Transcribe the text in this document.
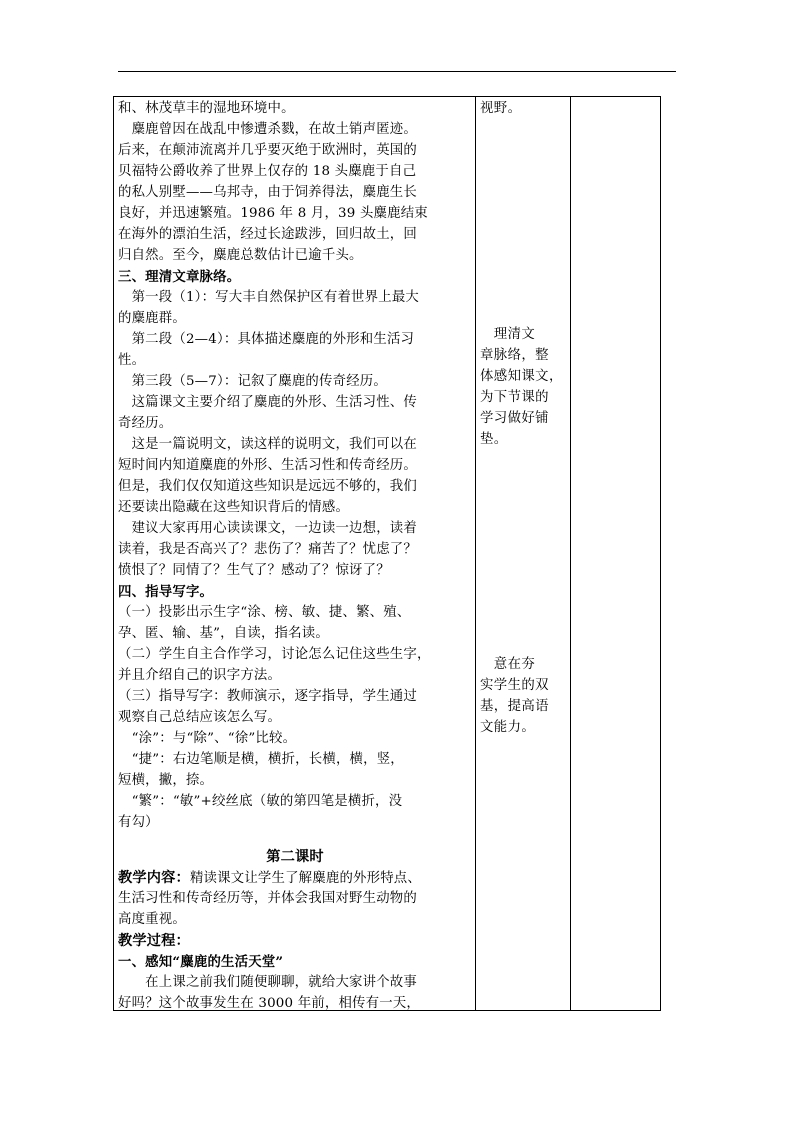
和、林茂草丰的湿地环境中。
　麋鹿曾因在战乱中惨遭杀戮，在故土销声匿迹。
后来，在颠沛流离并几乎要灭绝于欧洲时，英国的
贝福特公爵收养了世界上仅存的 18 头麋鹿于自己
的私人别墅——乌邦寺，由于饲养得法，麋鹿生长
良好，并迅速繁殖。1986 年 8 月，39 头麋鹿结束
在海外的漂泊生活，经过长途跋涉，回归故土，回
归自然。至今，麋鹿总数估计已逾千头。
三、理清文章脉络。
　第一段（1）：写大丰自然保护区有着世界上最大
的麋鹿群。
　第二段（2—4）：具体描述麋鹿的外形和生活习
性。
　第三段（5—7）：记叙了麋鹿的传奇经历。
　这篇课文主要介绍了麋鹿的外形、生活习性、传
奇经历。
　这是一篇说明文，读这样的说明文，我们可以在
短时间内知道麋鹿的外形、生活习性和传奇经历。
但是，我们仅仅知道这些知识是远远不够的，我们
还要读出隐藏在这些知识背后的情感。
　建议大家再用心读读课文，一边读一边想，读着
读着，我是否高兴了？悲伤了？痛苦了？忧虑了？
愤恨了？同情了？生气了？感动了？惊讶了？
四、指导写字。
（一）投影出示生字“涂、榜、敏、捷、繁、殖、
孕、匿、输、基”，自读，指名读。
（二）学生自主合作学习，讨论怎么记住这些生字，
并且介绍自己的识字方法。
（三）指导写字：教师演示，逐字指导，学生通过
观察自己总结应该怎么写。
　“涂”：与“除”、“徐”比较。
　“捷”：右边笔顺是横，横折，长横，横，竖，
短横，撇，捺。
　“繁”：“敏”+绞丝底（敏的第四笔是横折，没
有勾）
第二课时
教学内容：精读课文让学生了解麋鹿的外形特点、
生活习性和传奇经历等，并体会我国对野生动物的
高度重视。
教学过程：
一、感知“麋鹿的生活天堂”
　　在上课之前我们随便聊聊，就给大家讲个故事
好吗？这个故事发生在 3000 年前，相传有一天，
视野。
　理清文
章脉络，整
体感知课文，
为下节课的
学习做好铺
垫。
　意在夯
实学生的双
基，提高语
文能力。
